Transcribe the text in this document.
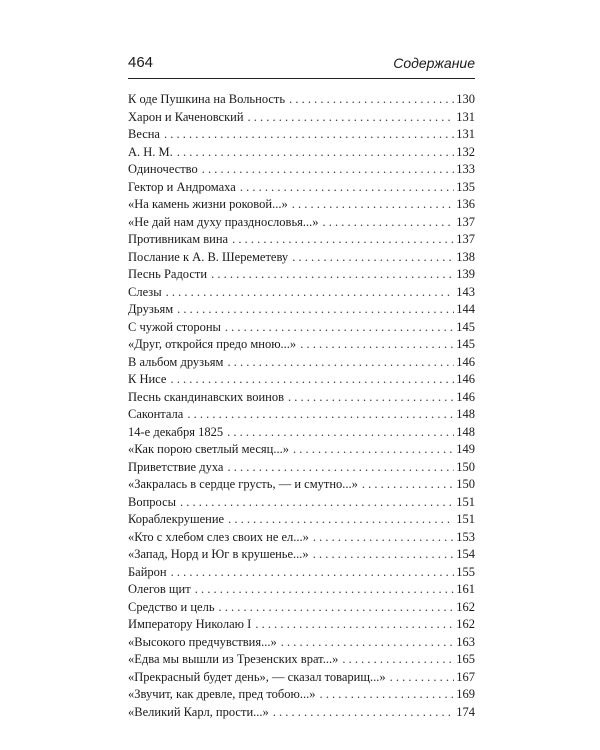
464	Содержание
К оде Пушкина на Вольность . . .	130
Харон и Каченовский . . .	131
Весна . . .	131
А. Н. М. . . .	132
Одиночество . . .	133
Гектор и Андромаха . . .	135
«На камень жизни роковой...» . . .	136
«Не дай нам духу празднословья...» . . .	137
Противникам вина . . .	137
Послание к А. В. Шереметеву . . .	138
Песнь Радости . . .	139
Слезы . . .	143
Друзьям . . .	144
С чужой стороны . . .	145
«Друг, откройся предо мною...» . . .	145
В альбом друзьям . . .	146
К Нисе . . .	146
Песнь скандинавских воинов . . .	146
Саконтала . . .	148
14-е декабря 1825 . . .	148
«Как порою светлый месяц...» . . .	149
Приветствие духа . . .	150
«Закралась в сердце грусть, — и смутно...» . . .	150
Вопросы . . .	151
Кораблекрушение . . .	151
«Кто с хлебом слез своих не ел...» . . .	153
«Запад, Норд и Юг в крушенье...» . . .	154
Байрон . . .	155
Олегов щит . . .	161
Средство и цель . . .	162
Императору Николаю I . . .	162
«Высокого предчувствия...» . . .	163
«Едва мы вышли из Трезенских врат...» . . .	165
«Прекрасный будет день», — сказал товарищ...» . . .	167
«Звучит, как древле, пред тобою...» . . .	169
«Великий Карл, прости...» . . .	174
